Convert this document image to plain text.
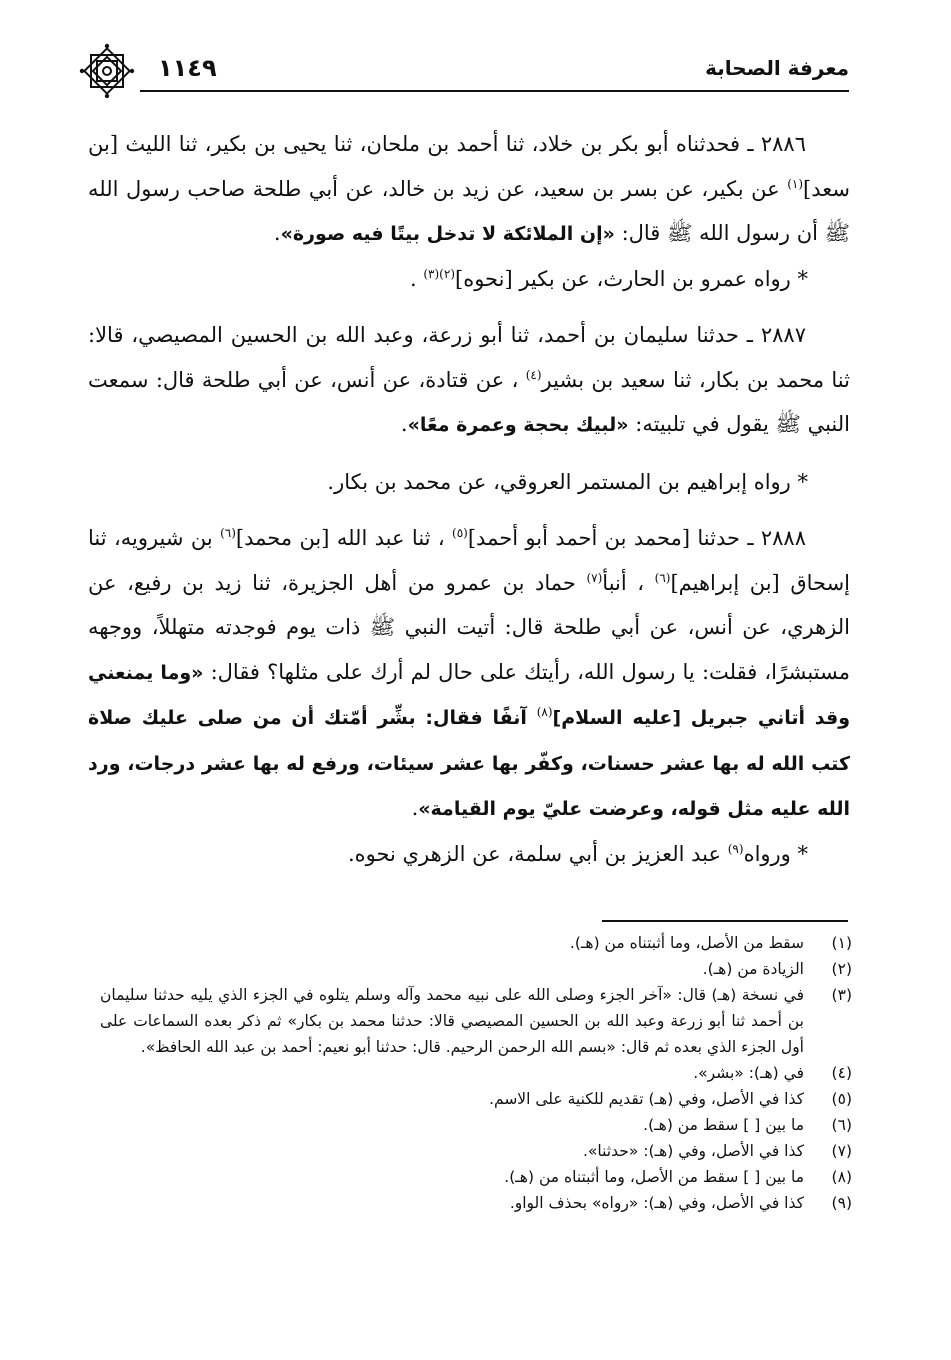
معرفة الصحابة
١١٤٩

٢٨٨٦ ـ فحدثناه أبو بكر بن خلاد، ثنا أحمد بن ملحان، ثنا يحيى بن بكير، ثنا الليث [بن سعد]$^{(١)}$ عن بكير، عن بسر بن سعيد، عن زيد بن خالد، عن أبي طلحة صاحب رسول الله ﷺ أن رسول الله ﷺ قال: «إن الملائكة لا تدخل بيتًا فيه صورة».

* رواه عمرو بن الحارث، عن بكير [نحوه]$^{(٢)(٣)}$ .

٢٨٨٧ ـ حدثنا سليمان بن أحمد، ثنا أبو زرعة، وعبد الله بن الحسين المصيصي، قالا: ثنا محمد بن بكار، ثنا سعيد بن بشير$^{(٤)}$ ، عن قتادة، عن أنس، عن أبي طلحة قال: سمعت النبي ﷺ يقول في تلبيته: «لبيك بحجة وعمرة معًا».

* رواه إبراهيم بن المستمر العروقي، عن محمد بن بكار.

٢٨٨٨ ـ حدثنا [محمد بن أحمد أبو أحمد]$^{(٥)}$ ، ثنا عبد الله [بن محمد]$^{(٦)}$ بن شيرويه، ثنا إسحاق [بن إبراهيم]$^{(٦)}$ ، أنبأ$^{(٧)}$ حماد بن عمرو من أهل الجزيرة، ثنا زيد بن رفيع، عن الزهري، عن أنس، عن أبي طلحة قال: أتيت النبي ﷺ ذات يوم فوجدته متهللاً، ووجهه مستبشرًا، فقلت: يا رسول الله، رأيتك على حال لم أرك على مثلها؟ فقال: «وما يمنعني وقد أتاني جبريل [عليه السلام]$^{(٨)}$ آنفًا فقال: بشِّر أمّتك أن من صلى عليك صلاة كتب الله له بها عشر حسنات، وكفّر بها عشر سيئات، ورفع له بها عشر درجات، ورد الله عليه مثل قوله، وعرضت عليّ يوم القيامة».

* ورواه$^{(٩)}$ عبد العزيز بن أبي سلمة، عن الزهري نحوه.

(١)
سقط من الأصل، وما أثبتناه من (هـ).

(٢)
الزيادة من (هـ).

(٣)
في نسخة (هـ) قال: «آخر الجزء وصلى الله على نبيه محمد وآله وسلم يتلوه في الجزء الذي يليه حدثنا سليمان بن أحمد ثنا أبو زرعة وعبد الله بن الحسين المصيصي قالا: حدثنا محمد بن بكار» ثم ذكر بعده السماعات على أول الجزء الذي بعده ثم قال: «بسم الله الرحمن الرحيم. قال: حدثنا أبو نعيم: أحمد بن عبد الله الحافظ».

(٤)
في (هـ): «بشر».

(٥)
كذا في الأصل، وفي (هـ) تقديم للكنية على الاسم.

(٦)
ما بين [ ] سقط من (هـ).

(٧)
كذا في الأصل، وفي (هـ): «حدثنا».

(٨)
ما بين [ ] سقط من الأصل، وما أثبتناه من (هـ).

(٩)
كذا في الأصل، وفي (هـ): «رواه» بحذف الواو.
